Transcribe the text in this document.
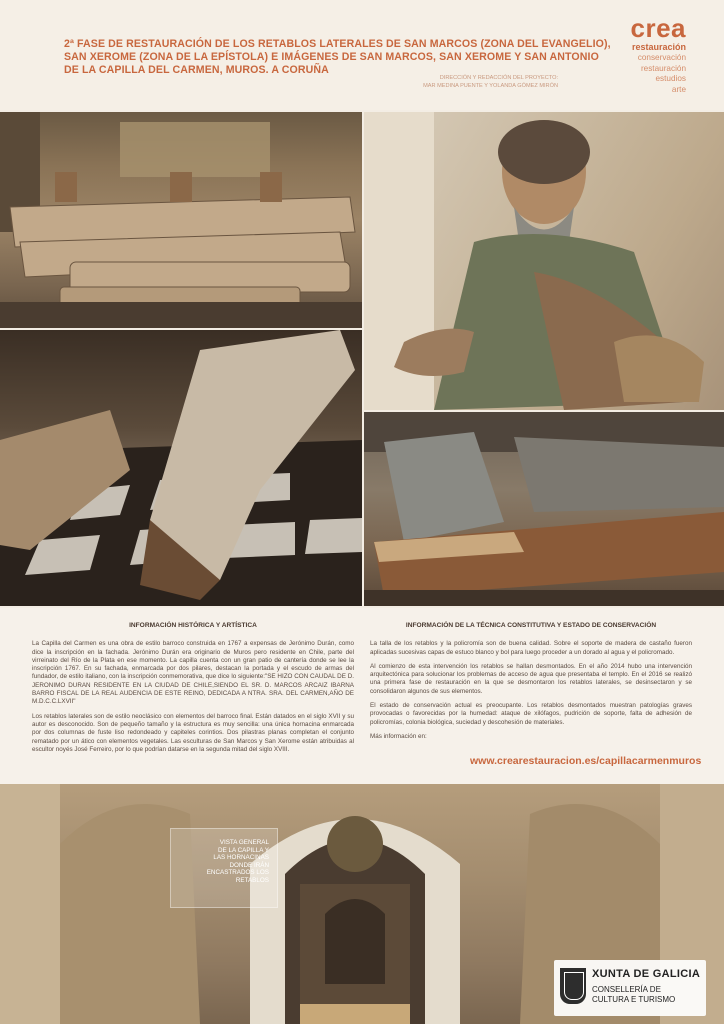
2ª FASE DE RESTAURACIÓN DE LOS RETABLOS LATERALES DE SAN MARCOS (ZONA DEL EVANGELIO),
SAN XEROME (ZONA DE LA EPÍSTOLA) E IMÁGENES DE SAN MARCOS, SAN XEROME Y SAN ANTONIO
DE LA CAPILLA DEL CARMEN, MUROS. A CORUÑA
DIRECCIÓN Y REDACCIÓN DEL PROYECTO:
MAR MEDINA PUENTE Y YOLANDA GÓMEZ MIRÓN
crea
restauración
conservación
restauración
estudios
arte
INFORMACIÓN HISTÓRICA Y ARTÍSTICA

La Capilla del Carmen es una obra de estilo barroco construida en 1767 a expensas de Jerónimo Durán, como dice la inscripción en la fachada. Jerónimo Durán era originario de Muros pero residente en Chile, parte del virreinato del Río de la Plata en ese momento. La capilla cuenta con un gran patio de cantería donde se lee la inscripción 1767. En su fachada, enmarcada por dos pilares, destacan la portada y el escudo de armas del fundador, de estilo italiano, con la inscripción conmemorativa, que dice lo siguiente:"SE HIZO CON CAUDAL DE D. JERONIMO DURAN RESIDENTE EN LA CIUDAD DE CHILE,SIENDO EL SR. D. MARCOS ARCAIZ IBARNA BARRO FISCAL DE LA REAL AUDENCIA DE ESTE REINO, DEDICADA A NTRA. SRA. DEL CARMEN,AÑO DE M.D.C.C.LXVII"

Los retablos laterales son de estilo neoclásico con elementos del barroco final. Están datados en el siglo XVII y su autor es desconocido. Son de pequeño tamaño y la estructura es muy sencilla: una única hornacina enmarcada por dos columnas de fuste liso redondeado y capiteles corintios. Dos pilastras planas completan el conjunto rematado por un ático con elementos vegetales. Las esculturas de San Marcos y San Xerome están atribuidas al escultor noyés José Ferreiro, por lo que podrían datarse en la segunda mitad del siglo XVIII.

INFORMACIÓN DE LA TÉCNICA CONSTITUTIVA Y ESTADO DE CONSERVACIÓN

La talla de los retablos y la policromía son de buena calidad. Sobre el soporte de madera de castaño fueron aplicadas sucesivas capas de estuco blanco y bol para luego proceder a un dorado al agua y el policromado.

Al comienzo de esta intervención los retablos se hallan desmontados. En el año 2014 hubo una intervención arquitectónica para solucionar los problemas de acceso de agua que presentaba el templo. En el 2016 se realizó una primera fase de restauración en la que se desmontaron los retablos laterales, se desinsectaron y se consolidaron algunos de sus elementos.

El estado de conservación actual es preocupante. Los retablos desmontados muestran patologías graves provocadas o favorecidas por la humedad: ataque de xilófagos, pudrición de soporte, falta de adhesión de policromías, colonia biológica, suciedad y descohesión de materiales.

Más información en:

www.crearestauracion.es/capillacarmenmuros
VISTA GENERAL
DE LA CAPILLA Y
LAS HORNACINAS
DONDE IRÁN
ENCASTRADOS LOS
RETABLOS
XUNTA DE GALICIA
CONSELLERÍA DE
CULTURA E TURISMO
